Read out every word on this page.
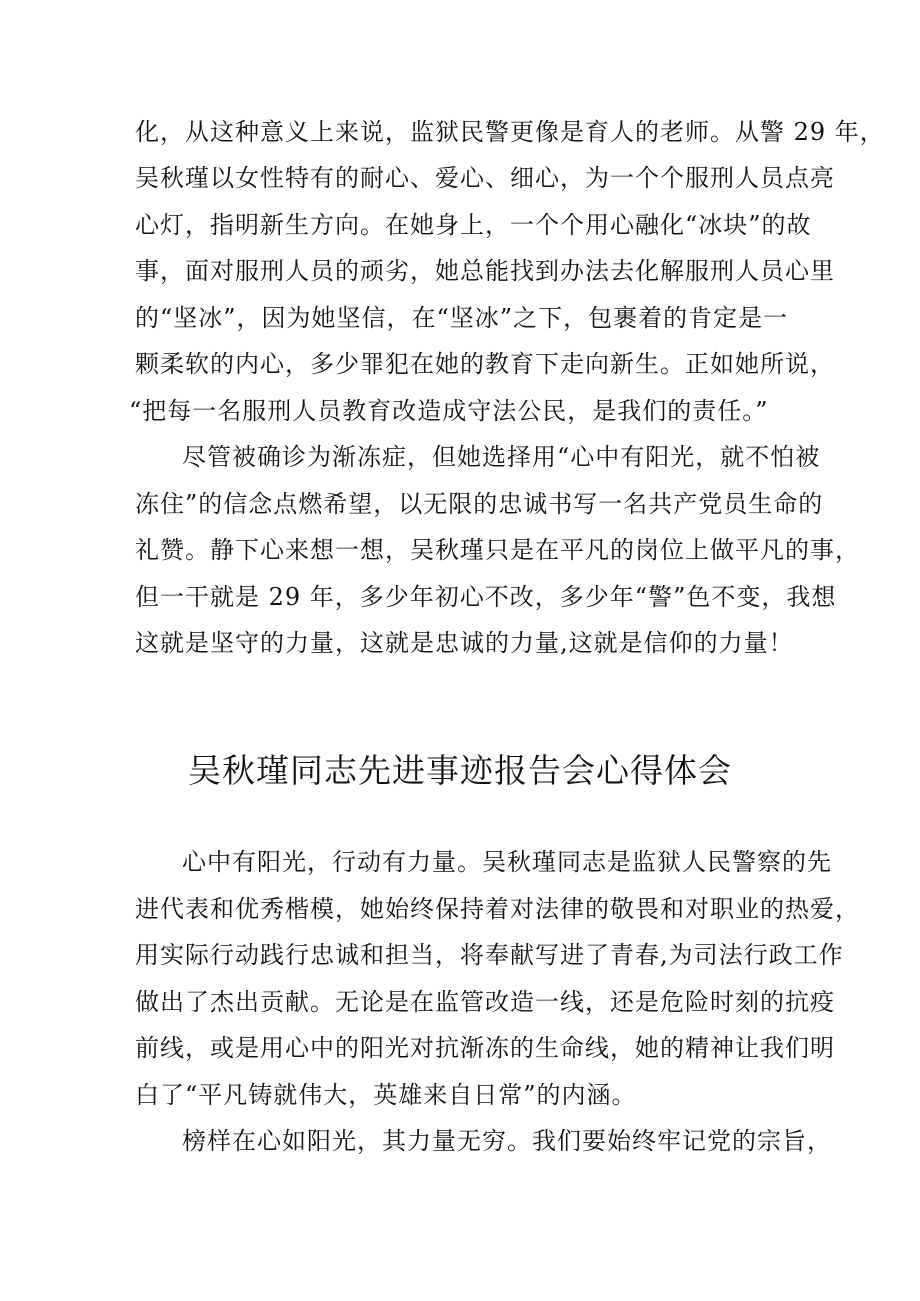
化，从这种意义上来说，监狱民警更像是育人的老师。从警 29 年，
吴秋瑾以女性特有的耐心、爱心、细心，为一个个服刑人员点亮
心灯，指明新生方向。在她身上，一个个用心融化“冰块”的故
事，面对服刑人员的顽劣，她总能找到办法去化解服刑人员心里
的“坚冰”，因为她坚信，在“坚冰”之下，包裹着的肯定是一
颗柔软的内心，多少罪犯在她的教育下走向新生。正如她所说，
“把每一名服刑人员教育改造成守法公民，是我们的责任。”
尽管被确诊为渐冻症，但她选择用“心中有阳光，就不怕被
冻住”的信念点燃希望，以无限的忠诚书写一名共产党员生命的
礼赞。静下心来想一想，吴秋瑾只是在平凡的岗位上做平凡的事，
但一干就是 29 年，多少年初心不改，多少年“警”色不变，我想
这就是坚守的力量，这就是忠诚的力量,这就是信仰的力量！
吴秋瑾同志先进事迹报告会心得体会
心中有阳光，行动有力量。吴秋瑾同志是监狱人民警察的先
进代表和优秀楷模，她始终保持着对法律的敬畏和对职业的热爱，
用实际行动践行忠诚和担当，将奉献写进了青春,为司法行政工作
做出了杰出贡献。无论是在监管改造一线，还是危险时刻的抗疫
前线，或是用心中的阳光对抗渐冻的生命线，她的精神让我们明
白了“平凡铸就伟大，英雄来自日常”的内涵。
榜样在心如阳光，其力量无穷。我们要始终牢记党的宗旨，
